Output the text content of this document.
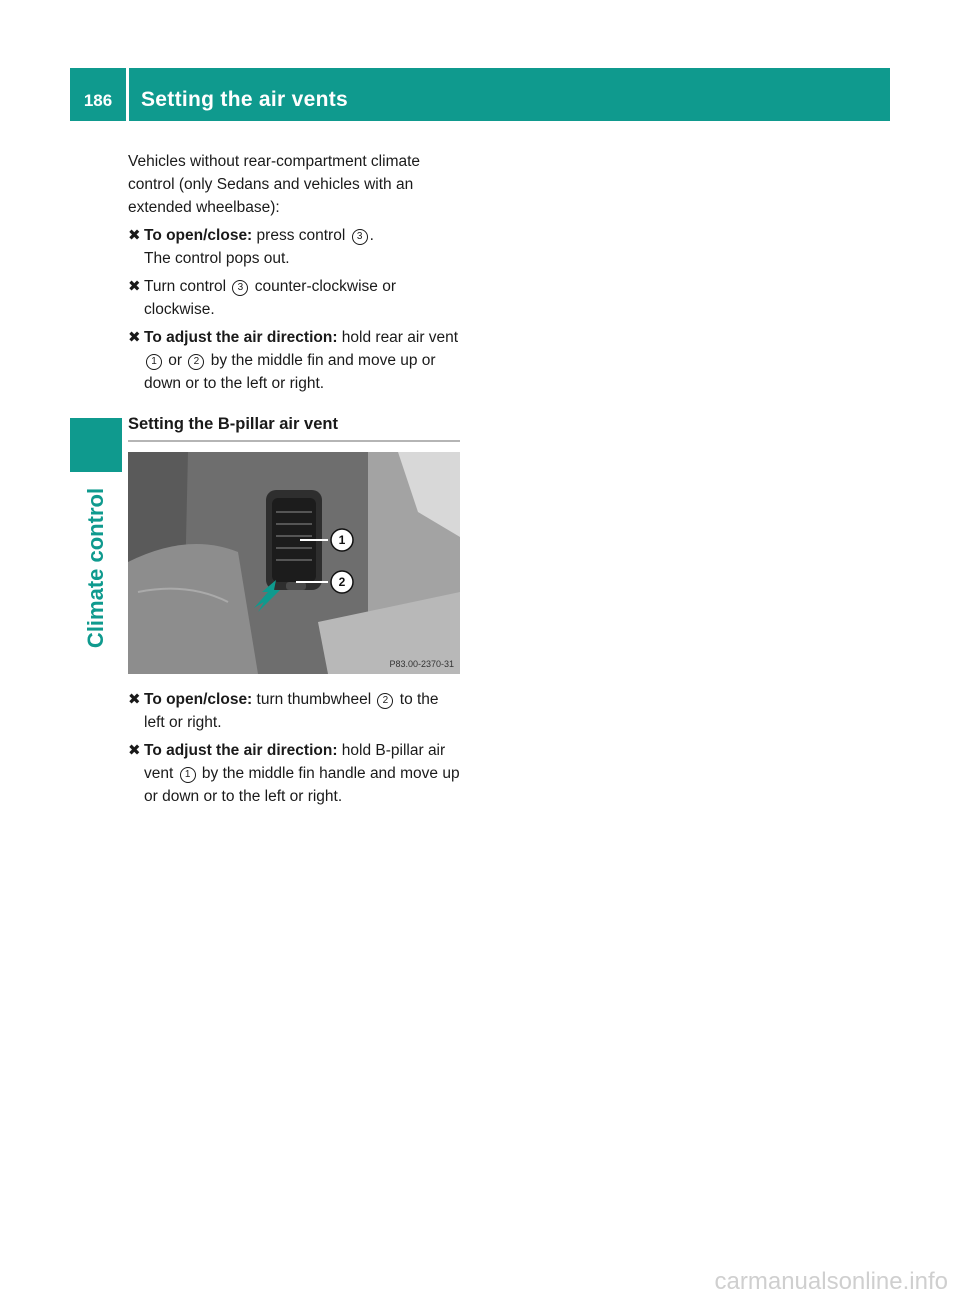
186	Setting the air vents
Climate control

Vehicles without rear-compartment climate control (only Sedans and vehicles with an extended wheelbase):

✖ To open/close: press control 3 .
The control pops out.
✖ Turn control 3 counter-clockwise or clockwise.
✖ To adjust the air direction: hold rear air vent 1 or 2 by the middle fin and move up or down or to the left or right.
Setting the B-pillar air vent
1
2
P83.00-2370-31
✖ To open/close: turn thumbwheel 2 to the left or right.
✖ To adjust the air direction: hold B-pillar air vent 1 by the middle fin handle and move up or down or to the left or right.
carmanualsonline.info
